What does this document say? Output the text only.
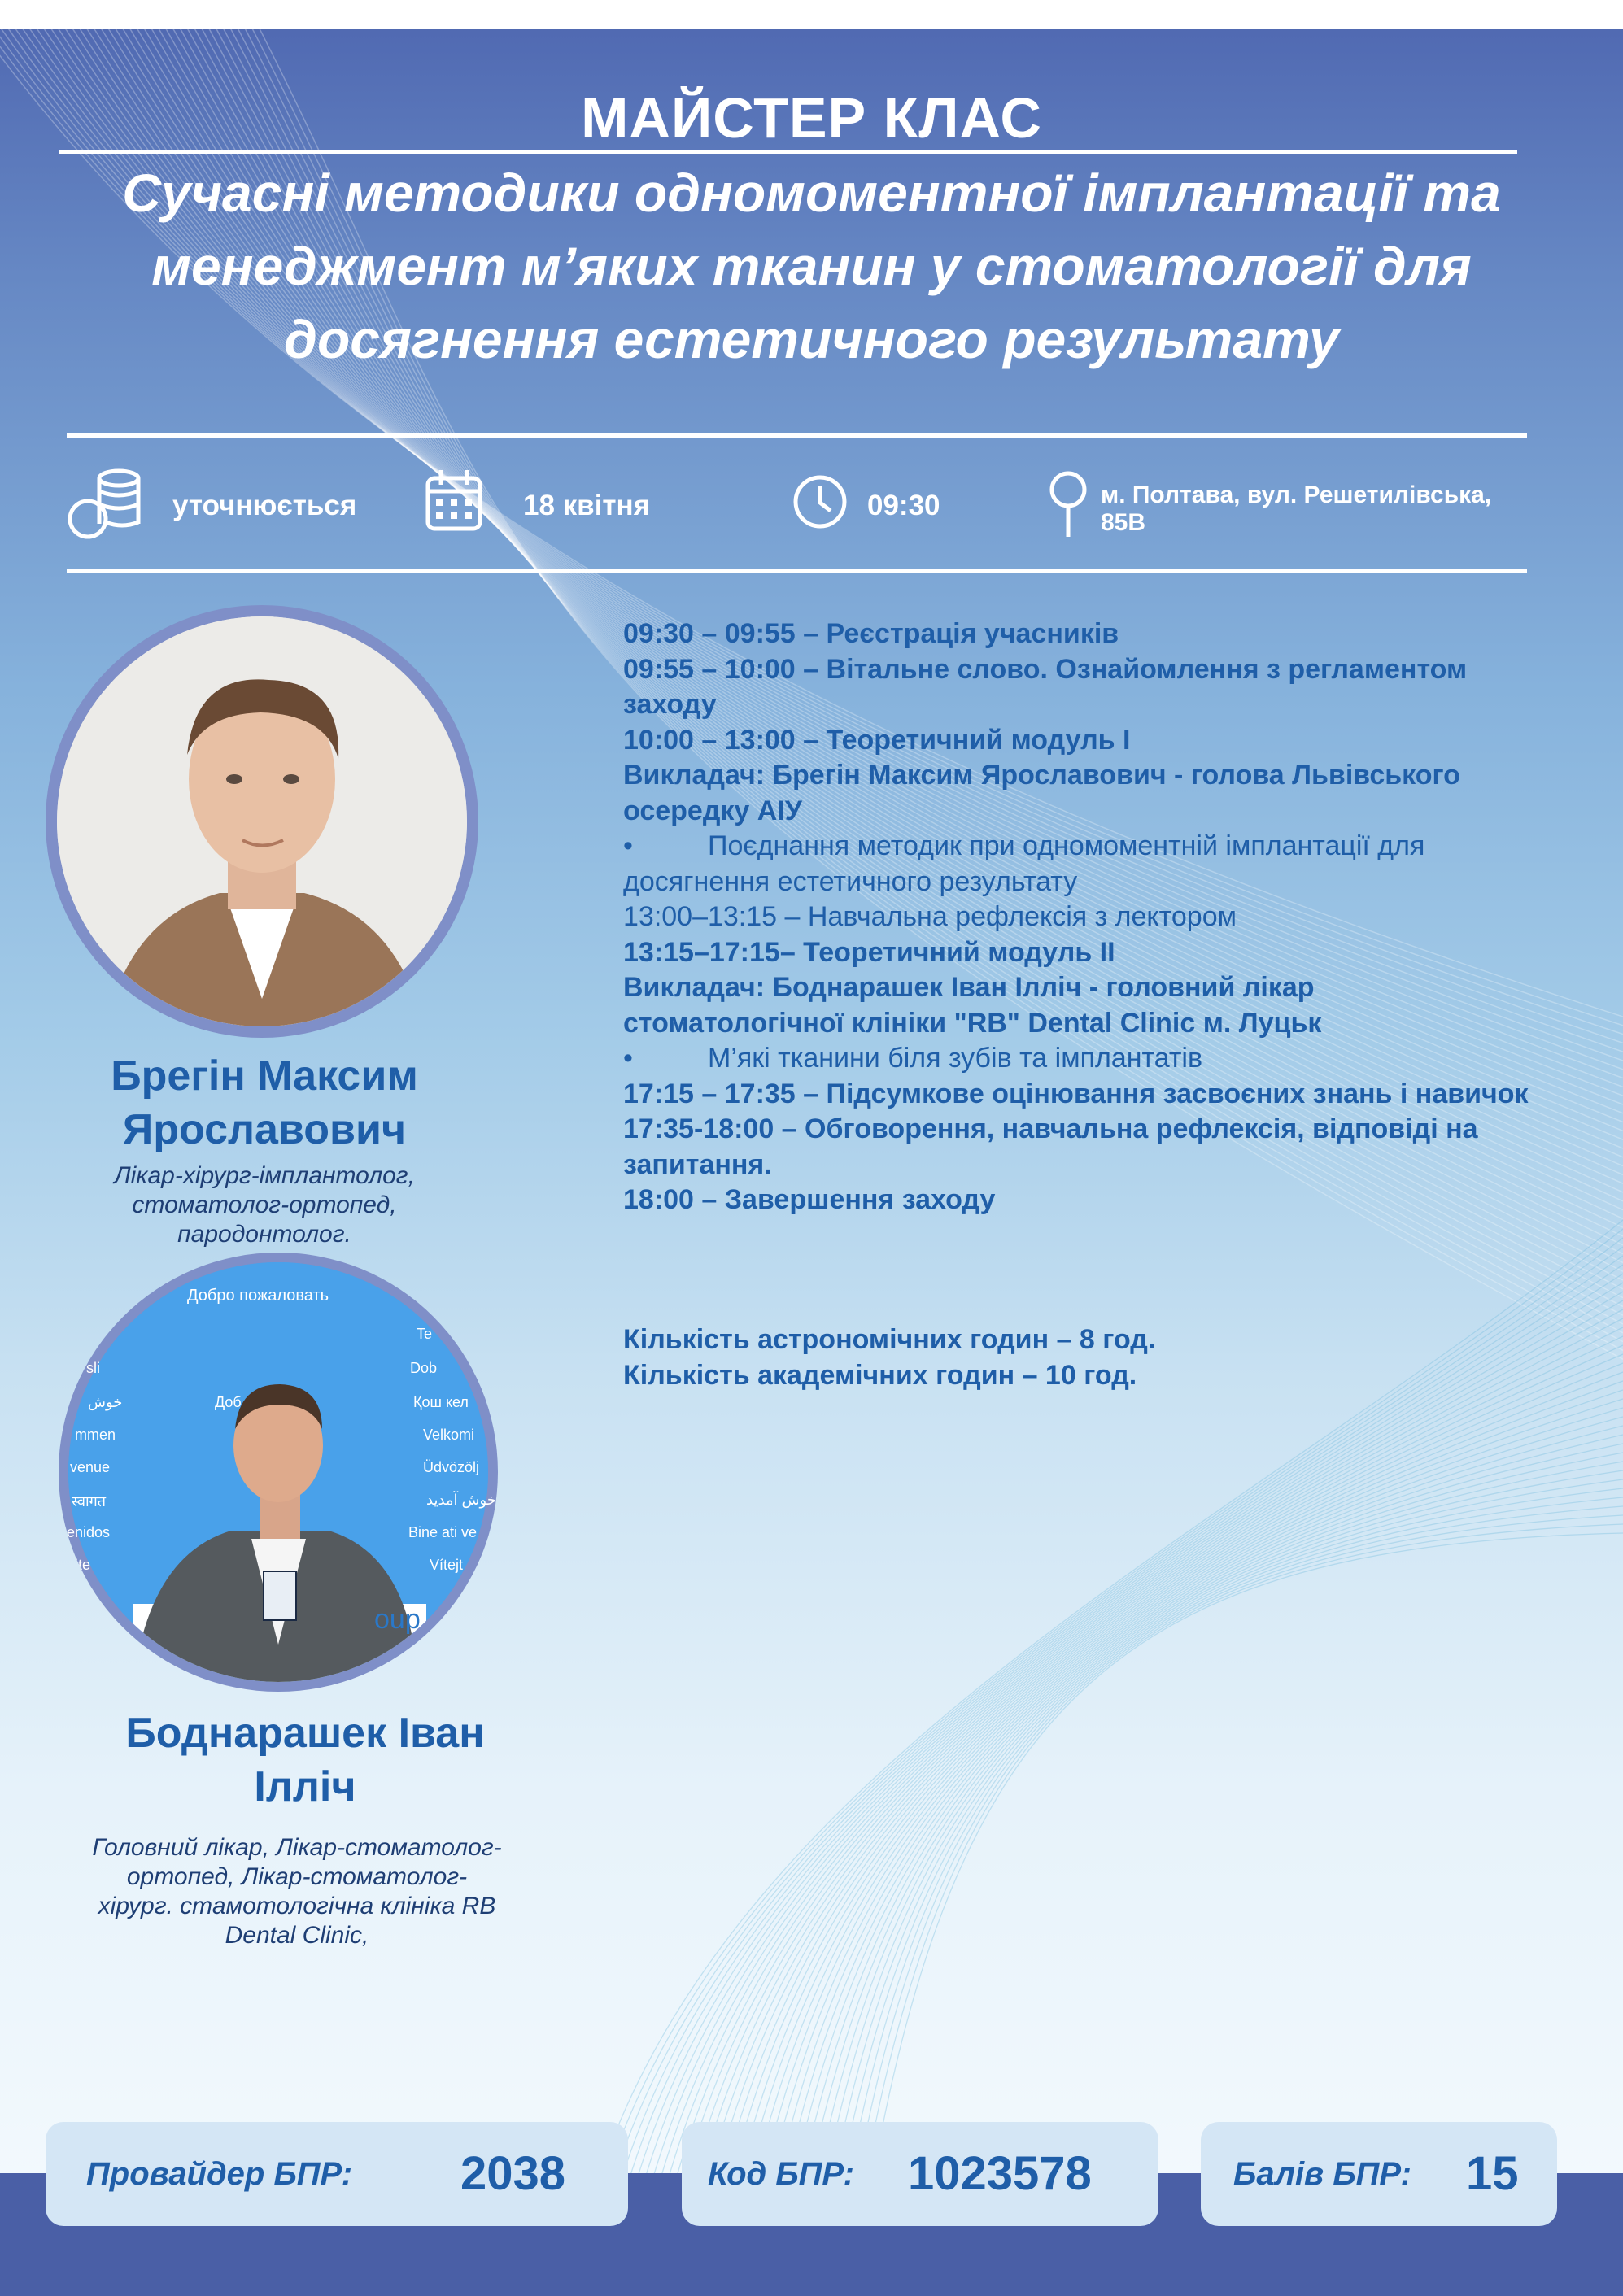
МАЙСТЕР КЛАС
Сучасні методики одномоментної імплантації та менеджмент м’яких тканин у стоматології для досягнення естетичного результату
уточнюється	18 квітня	09:30	м. Полтава, вул. Решетилівська, 85В
Брегін Максим Ярославович
Лікар-хірург-імплантолог, стоматолог-ортопед, пародонтолог.
Добро пожаловать
Te
Dob
Қош кел
Velkomi
Üdvözölj
خوش آمدید
Bine ati ve
Vítejt
sli
Доб
خوش
mmen
venue
स्वागत
enidos
ite
oup
Боднарашек Іван Ілліч
Головний лікар, Лікар-стоматолог-ортопед, Лікар-стоматолог-хірург. стамотологічна клініка RB Dental Clinic,
09:30 – 09:55 – Реєстрація учасників
09:55 – 10:00 – Вітальне слово. Ознайомлення з регламентом заходу
10:00 – 13:00 – Теоретичний модуль І
Викладач: Брегін Максим Ярославович - голова Львівського осередку АІУ
•	Поєднання методик при одномоментній імплантації для досягнення естетичного результату
13:00–13:15 – Навчальна рефлексія з лектором
13:15–17:15– Теоретичний модуль ІІ
Викладач: Боднарашек Іван Ілліч - головний лікар стоматологічної клініки "RB" Dental Clinic м. Луцьк
•	М’які тканини біля зубів та імплантатів
17:15 – 17:35 – Підсумкове оцінювання засвоєних знань і навичок
17:35-18:00 – Обговорення, навчальна рефлексія, відповіді на запитання.
18:00 – Завершення заходу
Кількість астрономічних годин – 8 год.
Кількість академічних годин – 10 год.
Провайдер БПР: 2038	Код БПР: 1023578	Балів БПР: 15
